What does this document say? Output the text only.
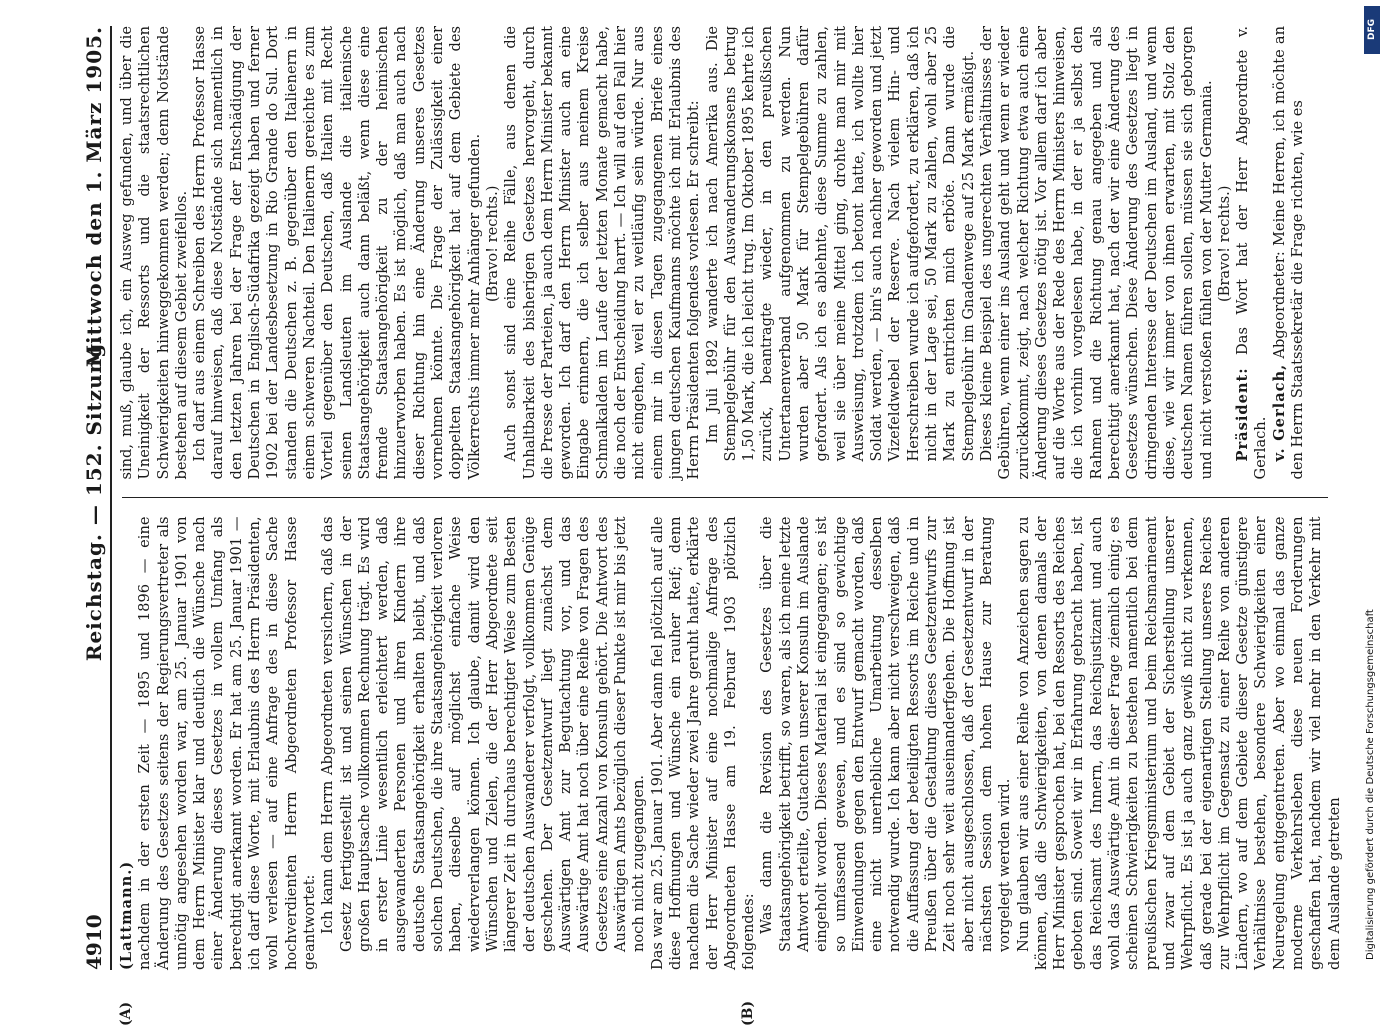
4910
Reichstag. — 152. Sitzung.
Mittwoch den 1. März 1905.

(Lattmann.) nachdem in der ersten Zeit — 1895 und 1896 — eine Änderung des Gesetzes seitens der Regierungsvertreter als unnötig angesehen worden war, am 25. Januar 1901 von dem Herrn Minister klar und deutlich die Wünsche nach einer Änderung dieses Gesetzes in vollem Umfang als berechtigt anerkannt worden. Er hat am 25. Januar 1901 — ich darf diese Worte, mit Erlaubnis des Herrn Präsidenten, wohl verlesen — auf eine Anfrage des in diese Sache hochverdienten Herrn Abgeordneten Professor Hasse geantwortet: Ich kann dem Herrn Abgeordneten versichern, daß das Gesetz fertiggestellt ist und seinen Wünschen in der großen Hauptsache vollkommen Rechnung trägt. Es wird in erster Linie wesentlich erleichtert werden, daß ausgewanderten Personen und ihren Kindern ihre deutsche Staatsangehörigkeit erhalten bleibt, und daß solchen Deutschen, die ihre Staatsangehörigkeit verloren haben, dieselbe auf möglichst einfache Weise wiederverlangen können. Ich glaube, damit wird den Wünschen und Zielen, die der Herr Abgeordnete seit längerer Zeit in durchaus berechtigter Weise zum Besten der deutschen Auswanderer verfolgt, vollkommen Genüge geschehen. Der Gesetzentwurf liegt zunächst dem Auswärtigen Amt zur Begutachtung vor, und das Auswärtige Amt hat noch über eine Reihe von Fragen des Gesetzes eine Anzahl von Konsuln gehört. Die Antwort des Auswärtigen Amts bezüglich dieser Punkte ist mir bis jetzt noch nicht zugegangen. Das war am 25. Januar 1901. Aber dann fiel plötzlich auf alle diese Hoffnungen und Wünsche ein rauher Reif; denn nachdem die Sache wieder zwei Jahre geruht hatte, erklärte der Herr Minister auf eine nochmalige Anfrage des Abgeordneten Hasse am 19. Februar 1903 plötzlich folgendes: Was dann die Revision des Gesetzes über die Staatsangehörigkeit betrifft, so waren, als ich meine letzte Antwort erteilte, Gutachten unserer Konsuln im Auslande eingeholt worden. Dieses Material ist eingegangen; es ist so umfassend gewesen, und es sind so gewichtige Einwendungen gegen den Entwurf gemacht worden, daß eine nicht unerhebliche Umarbeitung desselben notwendig wurde. Ich kann aber nicht verschweigen, daß die Auffassung der beteiligten Ressorts im Reiche und in Preußen über die Gestaltung dieses Gesetzentwurfs zur Zeit noch sehr weit auseinanderfgehen. Die Hoffnung ist aber nicht ausgeschlossen, daß der Gesetzentwurf in der nächsten Session dem hohen Hause zur Beratung vorgelegt werden wird. Nun glauben wir aus einer Reihe von Anzeichen sagen zu können, daß die Schwierigkeiten, von denen damals der Herr Minister gesprochen hat, bei den Ressorts des Reiches geboten sind. Soweit wir in Erfahrung gebracht haben, ist das Reichsamt des Innern, das Reichsjustizamt und auch wohl das Auswärtige Amt in dieser Frage ziemlich einig; es scheinen Schwierigkeiten zu bestehen namentlich bei dem preußischen Kriegsministerium und beim Reichsmarineamt und zwar auf dem Gebiet der Sicherstellung unserer Wehrpflicht. Es ist ja auch ganz gewiß nicht zu verkennen, daß gerade bei der eigenartigen Stellung unseres Reiches zur Wehrpflicht im Gegensatz zu einer Reihe von anderen Ländern, wo auf dem Gebiete dieser Gesetze günstigere Verhältnisse bestehen, besondere Schwierigkeiten einer Neuregelung entgegentreten. Aber wo einmal das ganze moderne Verkehrsleben diese neuen Forderungen geschaffen hat, nachdem wir viel mehr in den Verkehr mit dem Auslande getreten

sind, muß, glaube ich, ein Ausweg gefunden, und über die Uneinigkeit der Ressorts und die staatsrechtlichen Schwierigkeiten hinweggekommen werden; denn Notstände bestehen auf diesem Gebiet zweifellos. Ich darf aus einem Schreiben des Herrn Professor Hasse darauf hinweisen, daß diese Notstände sich namentlich in den letzten Jahren bei der Frage der Entschädigung der Deutschen in Englisch-Südafrika gezeigt haben und ferner 1902 bei der Landesbesetzung in Rio Grande do Sul. Dort standen die Deutschen z. B. gegenüber den Italienern in einem schweren Nachteil. Den Italienern gereichte es zum Vorteil gegenüber den Deutschen, daß Italien mit Recht seinen Landsleuten im Auslande die italienische Staatsangehörigkeit auch dann beläßt, wenn diese eine fremde Staatsangehörigkeit zu der heimischen hinzuerworben haben. Es ist möglich, daß man auch nach dieser Richtung hin eine Änderung unseres Gesetzes vornehmen könnte. Die Frage der Zulässigkeit einer doppelten Staatsangehörigkeit hat auf dem Gebiete des Völkerrechts immer mehr Anhänger gefunden. (Bravo! rechts.) Auch sonst sind eine Reihe Fälle, aus denen die Unhaltbarkeit des bisherigen Gesetzes hervorgeht, durch die Presse der Parteien, ja auch dem Herrn Minister bekannt geworden. Ich darf den Herrn Minister auch an eine Eingabe erinnern, die ich selber aus meinem Kreise Schmalkalden im Laufe der letzten Monate gemacht habe, die noch der Entscheidung harrt. — Ich will auf den Fall hier nicht eingehen, weil er zu weitläufig sein würde. Nur aus einem mir in diesen Tagen zugegangenen Briefe eines jungen deutschen Kaufmanns möchte ich mit Erlaubnis des Herrn Präsidenten folgendes vorlesen. Er schreibt: Im Juli 1892 wanderte ich nach Amerika aus. Die Stempelgebühr für den Auswanderungskonsens betrug 1,50 Mark, die ich leicht trug. Im Oktober 1895 kehrte ich zurück, beantragte wieder, in den preußischen Untertanenverband aufgenommen zu werden. Nun wurden aber 50 Mark für Stempelgebühren dafür gefordert. Als ich es ablehnte, diese Summe zu zahlen, weil sie über meine Mittel ging, drohte man mir mit Ausweisung, trotzdem ich betont hatte, ich wollte hier Soldat werden, — bin's auch nachher geworden und jetzt Vizefeldwebel der Reserve. Nach vielem Hin- und Herschreiben wurde ich aufgefordert, zu erklären, daß ich nicht in der Lage sei, 50 Mark zu zahlen, wohl aber 25 Mark zu entrichten mich erböte. Dann wurde die Stempelgebühr im Gnadenwege auf 25 Mark ermäßigt. Dieses kleine Beispiel des ungerechten Verhältnisses der Gebühren, wenn einer ins Ausland geht und wenn er wieder zurückkommt, zeigt, nach welcher Richtung etwa auch eine Änderung dieses Gesetzes nötig ist. Vor allem darf ich aber auf die Worte aus der Rede des Herrn Ministers hinweisen, die ich vorhin vorgelesen habe, in der er ja selbst den Rahmen und die Richtung genau angegeben und als berechtigt anerkannt hat, nach der wir eine Änderung des Gesetzes wünschen. Diese Änderung des Gesetzes liegt in dringenden Interesse der Deutschen im Ausland, und wenn diese, wie wir immer von ihnen erwarten, mit Stolz den deutschen Namen führen sollen, müssen sie sich geborgen und nicht verstoßen fühlen von der Mutter Germania. (Bravo! rechts.)

Präsident: Das Wort hat der Herr Abgeordnete v. Gerlach. v. Gerlach, Abgeordneter: Meine Herren, ich möchte an den Herrn Staatssekretär die Frage richten, wie es

(A)	(B)
DFG
Digitalisierung gefördert durch die Deutsche Forschungsgemeinschaft
